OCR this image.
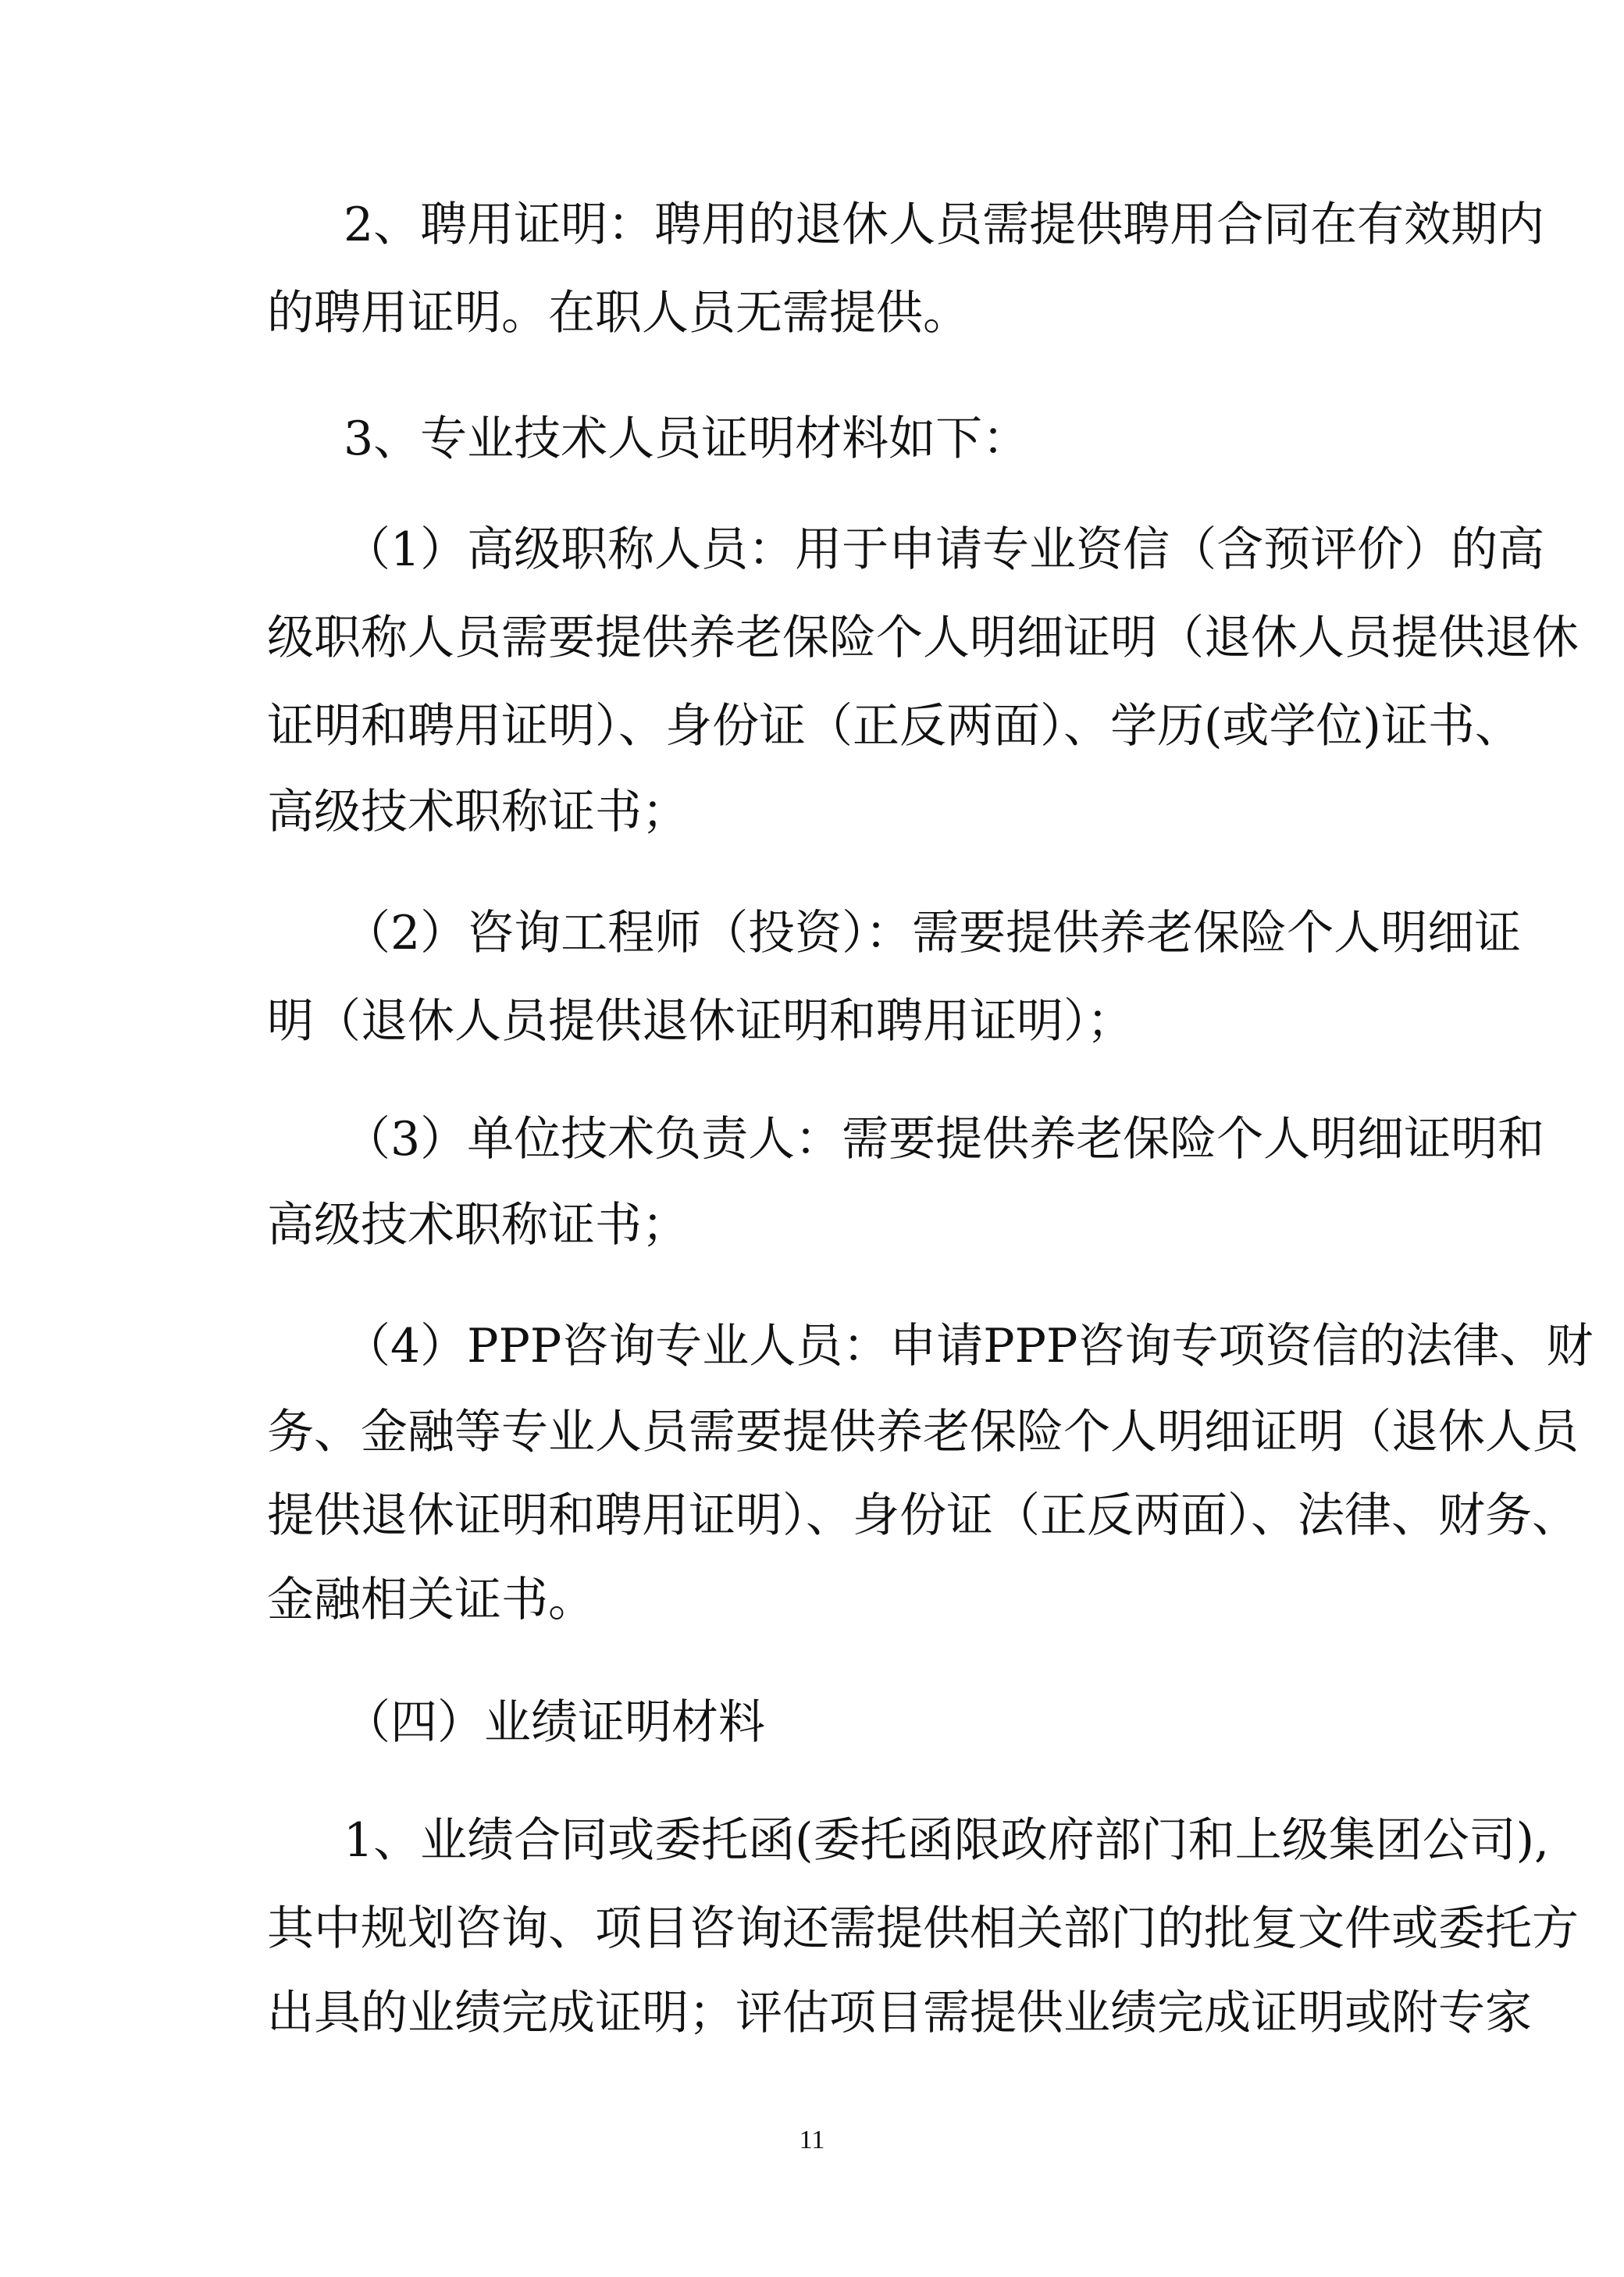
2、聘用证明：聘用的退休人员需提供聘用合同在有效期内
的聘用证明。在职人员无需提供。
3、专业技术人员证明材料如下：
（1）高级职称人员：用于申请专业资信（含预评价）的高
级职称人员需要提供养老保险个人明细证明（退休人员提供退休
证明和聘用证明）、身份证（正反两面）、学历(或学位)证书、
高级技术职称证书；
（2）咨询工程师（投资）：需要提供养老保险个人明细证
明（退休人员提供退休证明和聘用证明）；
（3）单位技术负责人：需要提供养老保险个人明细证明和
高级技术职称证书；
（4）PPP咨询专业人员：申请PPP咨询专项资信的法律、财
务、金融等专业人员需要提供养老保险个人明细证明（退休人员
提供退休证明和聘用证明）、身份证（正反两面）、法律、财务、
金融相关证书。
（四）业绩证明材料
1、业绩合同或委托函(委托函限政府部门和上级集团公司),
其中规划咨询、项目咨询还需提供相关部门的批复文件或委托方
出具的业绩完成证明；评估项目需提供业绩完成证明或附专家
11
